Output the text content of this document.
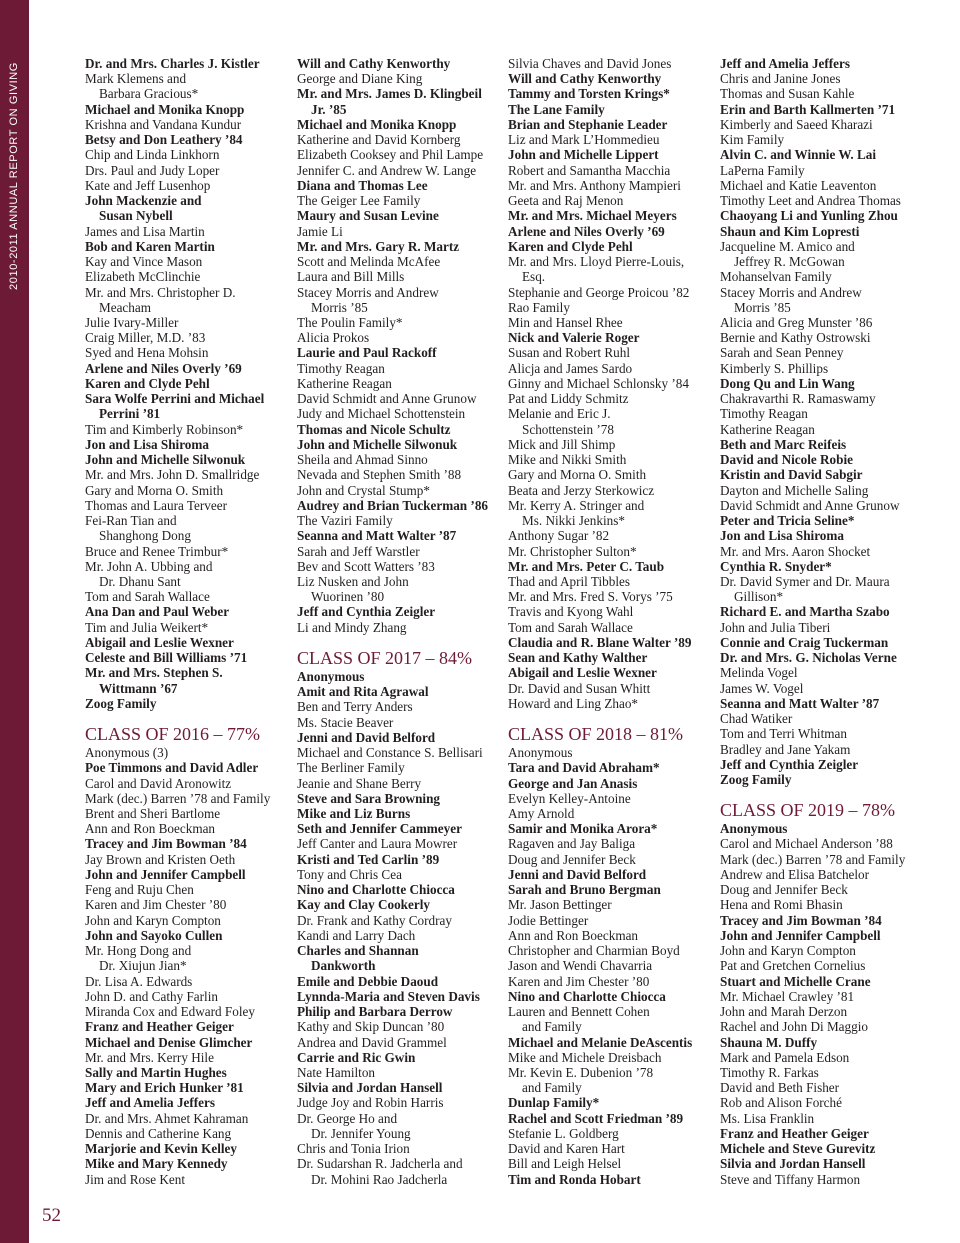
2010-2011 ANNUAL REPORT ON GIVING	Dr. and Mrs. Charles J. Kistler
Mark Klemens and
Barbara Gracious*
Michael and Monika Knopp
Krishna and Vandana Kundur
Betsy and Don Leathery ’84
Chip and Linda Linkhorn
Drs. Paul and Judy Loper
Kate and Jeff Lusenhop
John Mackenzie and
Susan Nybell
James and Lisa Martin
Bob and Karen Martin
Kay and Vince Mason
Elizabeth McClinchie
Mr. and Mrs. Christopher D.
Meacham
Julie Ivary-Miller
Craig Miller, M.D. ’83
Syed and Hena Mohsin
Arlene and Niles Overly ’69
Karen and Clyde Pehl
Sara Wolfe Perrini and Michael
Perrini ’81
Tim and Kimberly Robinson*
Jon and Lisa Shiroma
John and Michelle Silwonuk
Mr. and Mrs. John D. Smallridge
Gary and Morna O. Smith
Thomas and Laura Terveer
Fei-Ran Tian and
Shanghong Dong
Bruce and Renee Trimbur*
Mr. John A. Ubbing and
Dr. Dhanu Sant
Tom and Sarah Wallace
Ana Dan and Paul Weber
Tim and Julia Weikert*
Abigail and Leslie Wexner
Celeste and Bill Williams ’71
Mr. and Mrs. Stephen S.
Wittmann ’67
Zoog Family
CLASS OF 2016 – 77%
Anonymous (3)
Poe Timmons and David Adler
Carol and David Aronowitz
Mark (dec.) Barren ’78 and Family
Brent and Sheri Bartlome
Ann and Ron Boeckman
Tracey and Jim Bowman ’84
Jay Brown and Kristen Oeth
John and Jennifer Campbell
Feng and Ruju Chen
Karen and Jim Chester ’80
John and Karyn Compton
John and Sayoko Cullen
Mr. Hong Dong and
Dr. Xiujun Jian*
Dr. Lisa A. Edwards
John D. and Cathy Farlin
Miranda Cox and Edward Foley
Franz and Heather Geiger
Michael and Denise Glimcher
Mr. and Mrs. Kerry Hile
Sally and Martin Hughes
Mary and Erich Hunker ’81
Jeff and Amelia Jeffers
Dr. and Mrs. Ahmet Kahraman
Dennis and Catherine Kang
Marjorie and Kevin Kelley
Mike and Mary Kennedy
Jim and Rose Kent
Will and Cathy Kenworthy
George and Diane King
Mr. and Mrs. James D. Klingbeil
Jr. ’85
Michael and Monika Knopp
Katherine and David Kornberg
Elizabeth Cooksey and Phil Lampe
Jennifer C. and Andrew W. Lange
Diana and Thomas Lee
The Geiger Lee Family
Maury and Susan Levine
Jamie Li
Mr. and Mrs. Gary R. Martz
Scott and Melinda McAfee
Laura and Bill Mills
Stacey Morris and Andrew
Morris ’85
The Poulin Family*
Alicia Prokos
Laurie and Paul Rackoff
Timothy Reagan
Katherine Reagan
David Schmidt and Anne Grunow
Judy and Michael Schottenstein
Thomas and Nicole Schultz
John and Michelle Silwonuk
Sheila and Ahmad Sinno
Nevada and Stephen Smith ’88
John and Crystal Stump*
Audrey and Brian Tuckerman ’86
The Vaziri Family
Seanna and Matt Walter ’87
Sarah and Jeff Warstler
Bev and Scott Watters ’83
Liz Nusken and John
Wuorinen ’80
Jeff and Cynthia Zeigler
Li and Mindy Zhang
CLASS OF 2017 – 84%
Anonymous
Amit and Rita Agrawal
Ben and Terry Anders
Ms. Stacie Beaver
Jenni and David Belford
Michael and Constance S. Bellisari
The Berliner Family
Jeanie and Shane Berry
Steve and Sara Browning
Mike and Liz Burns
Seth and Jennifer Cammeyer
Jeff Canter and Laura Mowrer
Kristi and Ted Carlin ’89
Tony and Chris Cea
Nino and Charlotte Chiocca
Kay and Clay Cookerly
Dr. Frank and Kathy Cordray
Kandi and Larry Dach
Charles and Shannan
Dankworth
Emile and Debbie Daoud
Lynnda-Maria and Steven Davis
Philip and Barbara Derrow
Kathy and Skip Duncan ’80
Andrea and David Grammel
Carrie and Ric Gwin
Nate Hamilton
Silvia and Jordan Hansell
Judge Joy and Robin Harris
Dr. George Ho and
Dr. Jennifer Young
Chris and Tonia Irion
Dr. Sudarshan R. Jadcherla and
Dr. Mohini Rao Jadcherla
Silvia Chaves and David Jones
Will and Cathy Kenworthy
Tammy and Torsten Krings*
The Lane Family
Brian and Stephanie Leader
Liz and Mark L’Hommedieu
John and Michelle Lippert
Robert and Samantha Macchia
Mr. and Mrs. Anthony Mampieri
Geeta and Raj Menon
Mr. and Mrs. Michael Meyers
Arlene and Niles Overly ’69
Karen and Clyde Pehl
Mr. and Mrs. Lloyd Pierre-Louis,
Esq.
Stephanie and George Proicou ’82
Rao Family
Min and Hansel Rhee
Nick and Valerie Roger
Susan and Robert Ruhl
Alicja and James Sardo
Ginny and Michael Schlonsky ’84
Pat and Liddy Schmitz
Melanie and Eric J.
Schottenstein ’78
Mick and Jill Shimp
Mike and Nikki Smith
Gary and Morna O. Smith
Beata and Jerzy Sterkowicz
Mr. Kerry A. Stringer and
Ms. Nikki Jenkins*
Anthony Sugar ’82
Mr. Christopher Sulton*
Mr. and Mrs. Peter C. Taub
Thad and April Tibbles
Mr. and Mrs. Fred S. Vorys ’75
Travis and Kyong Wahl
Tom and Sarah Wallace
Claudia and R. Blane Walter ’89
Sean and Kathy Walther
Abigail and Leslie Wexner
Dr. David and Susan Whitt
Howard and Ling Zhao*
CLASS OF 2018 – 81%
Anonymous
Tara and David Abraham*
George and Jan Anasis
Evelyn Kelley-Antoine
Amy Arnold
Samir and Monika Arora*
Ragaven and Jay Baliga
Doug and Jennifer Beck
Jenni and David Belford
Sarah and Bruno Bergman
Mr. Jason Bettinger
Jodie Bettinger
Ann and Ron Boeckman
Christopher and Charmian Boyd
Jason and Wendi Chavarria
Karen and Jim Chester ’80
Nino and Charlotte Chiocca
Lauren and Bennett Cohen
and Family
Michael and Melanie DeAscentis
Mike and Michele Dreisbach
Mr. Kevin E. Dubenion ’78
and Family
Dunlap Family*
Rachel and Scott Friedman ’89
Stefanie L. Goldberg
David and Karen Hart
Bill and Leigh Helsel
Tim and Ronda Hobart
Jeff and Amelia Jeffers
Chris and Janine Jones
Thomas and Susan Kahle
Erin and Barth Kallmerten ’71
Kimberly and Saeed Kharazi
Kim Family
Alvin C. and Winnie W. Lai
LaPerna Family
Michael and Katie Leaventon
Timothy Leet and Andrea Thomas
Chaoyang Li and Yunling Zhou
Shaun and Kim Lopresti
Jacqueline M. Amico and
Jeffrey R. McGowan
Mohanselvan Family
Stacey Morris and Andrew
Morris ’85
Alicia and Greg Munster ’86
Bernie and Kathy Ostrowski
Sarah and Sean Penney
Kimberly S. Phillips
Dong Qu and Lin Wang
Chakravarthi R. Ramaswamy
Timothy Reagan
Katherine Reagan
Beth and Marc Reifeis
David and Nicole Robie
Kristin and David Sabgir
Dayton and Michelle Saling
David Schmidt and Anne Grunow
Peter and Tricia Seline*
Jon and Lisa Shiroma
Mr. and Mrs. Aaron Shocket
Cynthia R. Snyder*
Dr. David Symer and Dr. Maura
Gillison*
Richard E. and Martha Szabo
John and Julia Tiberi
Connie and Craig Tuckerman
Dr. and Mrs. G. Nicholas Verne
Melinda Vogel
James W. Vogel
Seanna and Matt Walter ’87
Chad Watiker
Tom and Terri Whitman
Bradley and Jane Yakam
Jeff and Cynthia Zeigler
Zoog Family
CLASS OF 2019 – 78%
Anonymous
Carol and Michael Anderson ’88
Mark (dec.) Barren ’78 and Family
Andrew and Elisa Batchelor
Doug and Jennifer Beck
Hena and Romi Bhasin
Tracey and Jim Bowman ’84
John and Jennifer Campbell
John and Karyn Compton
Pat and Gretchen Cornelius
Stuart and Michelle Crane
Mr. Michael Crawley ’81
John and Marah Derzon
Rachel and John Di Maggio
Shauna M. Duffy
Mark and Pamela Edson
Timothy R. Farkas
David and Beth Fisher
Rob and Alison Forché
Ms. Lisa Franklin
Franz and Heather Geiger
Michele and Steve Gurevitz
Silvia and Jordan Hansell
Steve and Tiffany Harmon
52
